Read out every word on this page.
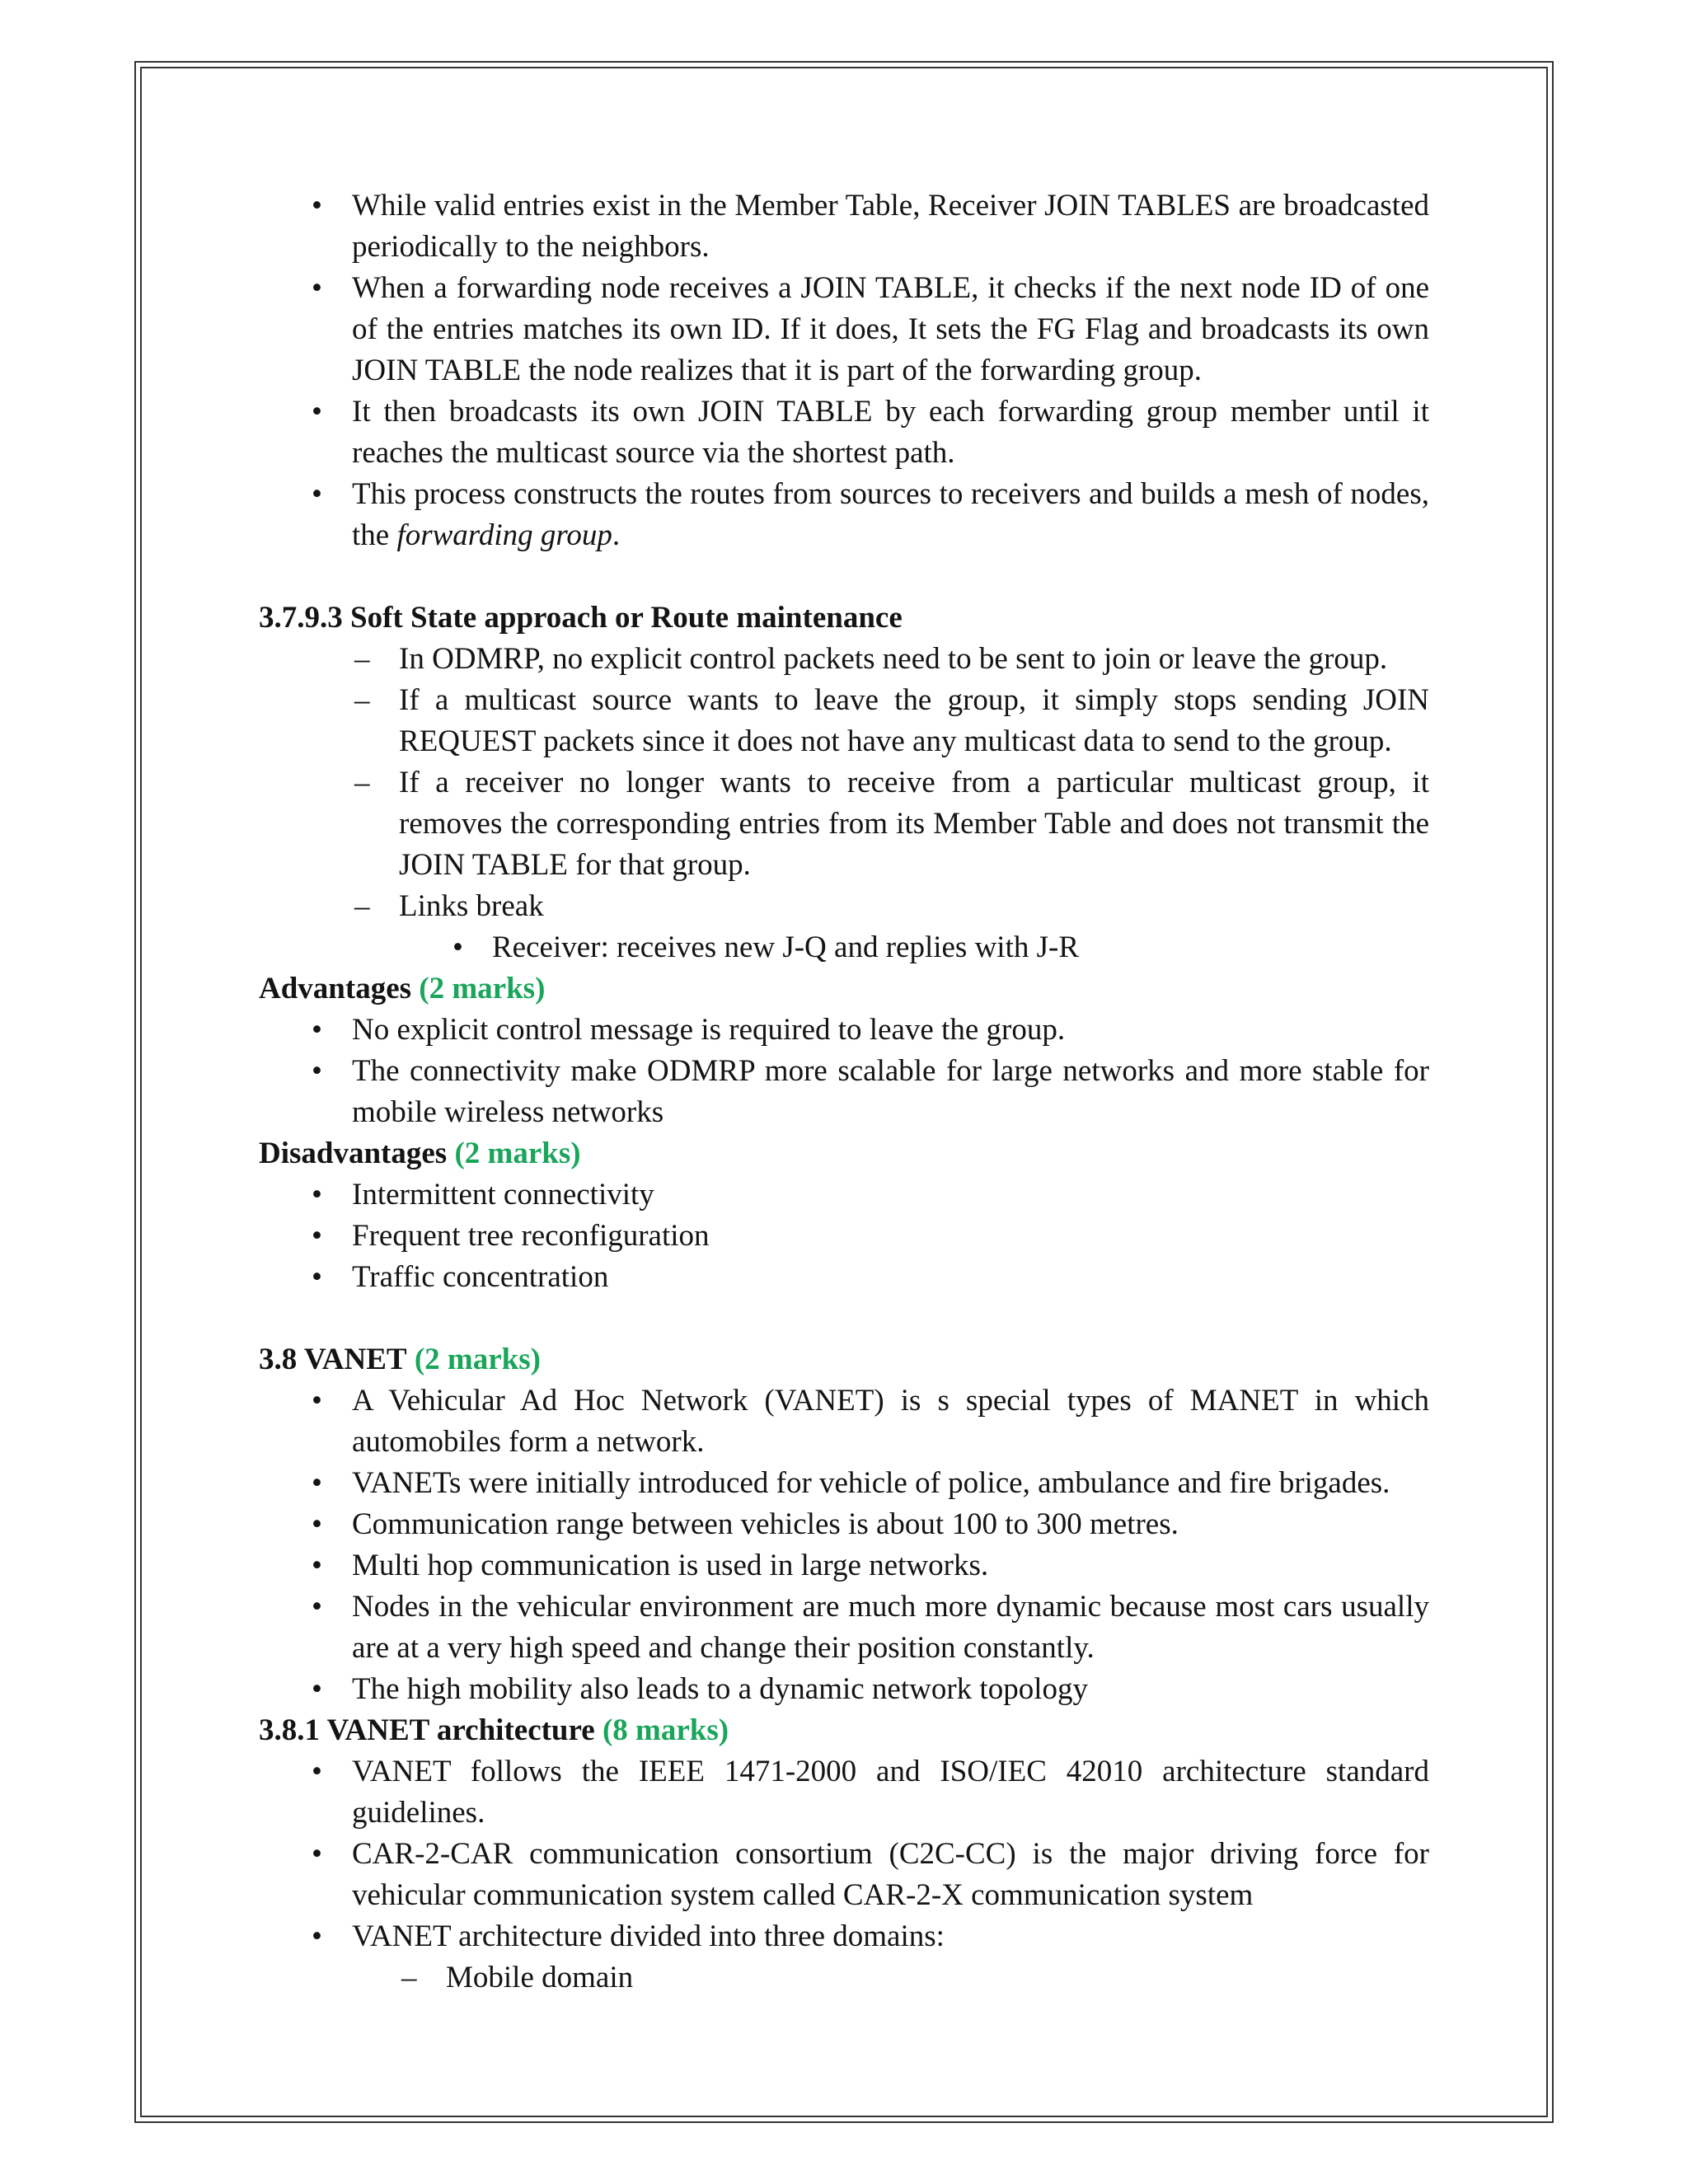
• While valid entries exist in the Member Table, Receiver JOIN TABLES are broadcasted periodically to the neighbors.
• When a forwarding node receives a JOIN TABLE, it checks if the next node ID of one of the entries matches its own ID. If it does, It sets the FG Flag and broadcasts its own JOIN TABLE the node realizes that it is part of the forwarding group.
• It then broadcasts its own JOIN TABLE by each forwarding group member until it reaches the multicast source via the shortest path.
• This process constructs the routes from sources to receivers and builds a mesh of nodes, the forwarding group.
3.7.9.3 Soft State approach or Route maintenance
– In ODMRP, no explicit control packets need to be sent to join or leave the group.
– If a multicast source wants to leave the group, it simply stops sending JOIN REQUEST packets since it does not have any multicast data to send to the group.
– If a receiver no longer wants to receive from a particular multicast group, it removes the corresponding entries from its Member Table and does not transmit the JOIN TABLE for that group.
– Links break
• Receiver: receives new J-Q and replies with J-R
Advantages (2 marks)
• No explicit control message is required to leave the group.
• The connectivity make ODMRP more scalable for large networks and more stable for mobile wireless networks
Disadvantages (2 marks)
• Intermittent connectivity
• Frequent tree reconfiguration
• Traffic concentration
3.8 VANET (2 marks)
• A Vehicular Ad Hoc Network (VANET) is s special types of MANET in which automobiles form a network.
• VANETs were initially introduced for vehicle of police, ambulance and fire brigades.
• Communication range between vehicles is about 100 to 300 metres.
• Multi hop communication is used in large networks.
• Nodes in the vehicular environment are much more dynamic because most cars usually are at a very high speed and change their position constantly.
• The high mobility also leads to a dynamic network topology
3.8.1 VANET architecture (8 marks)
• VANET follows the IEEE 1471-2000 and ISO/IEC 42010 architecture standard guidelines.
• CAR-2-CAR communication consortium (C2C-CC) is the major driving force for vehicular communication system called CAR-2-X communication system
• VANET architecture divided into three domains:
– Mobile domain
